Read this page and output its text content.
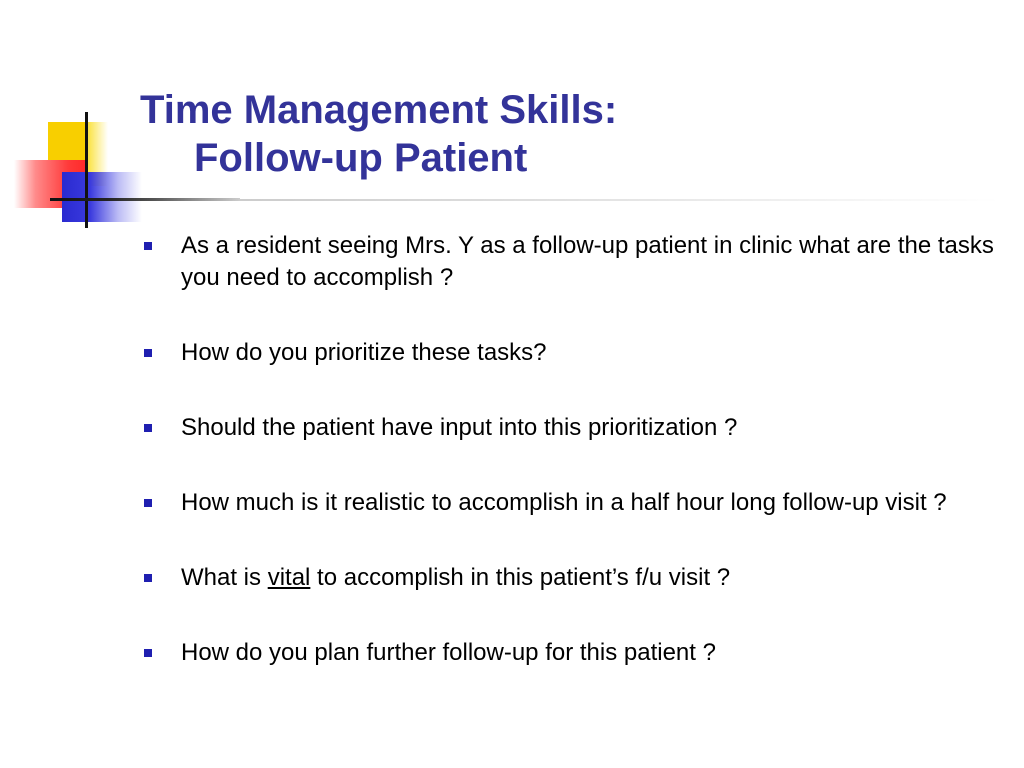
Time Management Skills:
Follow-up Patient
As a resident seeing Mrs. Y as a follow-up patient in clinic what are the tasks you need to accomplish ?
How do you prioritize these tasks?
Should the patient have input into this prioritization ?
How much is it realistic to accomplish in a half hour long follow-up visit ?
What is vital to accomplish in this patient’s f/u visit ?
How do you plan further follow-up for this patient ?
